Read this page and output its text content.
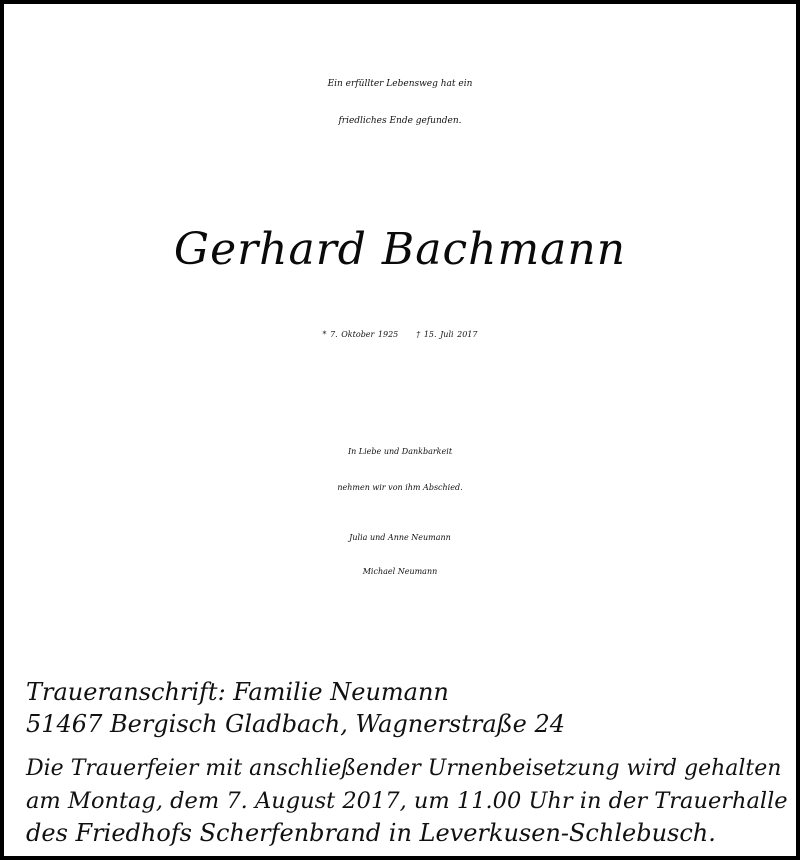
Ein erfüllter Lebensweg hat ein
friedliches Ende gefunden.
Gerhard Bachmann
* 7. Oktober 1925 † 15. Juli 2017
In Liebe und Dankbarkeit
nehmen wir von ihm Abschied.
Julia und Anne Neumann
Michael Neumann
Traueranschrift: Familie Neumann
51467 Bergisch Gladbach, Wagnerstraße 24
Die Trauerfeier mit anschließender Urnenbeisetzung wird gehalten
am Montag, dem 7. August 2017, um 11.00 Uhr in der Trauerhalle
des Friedhofs Scherfenbrand in Leverkusen-Schlebusch.
